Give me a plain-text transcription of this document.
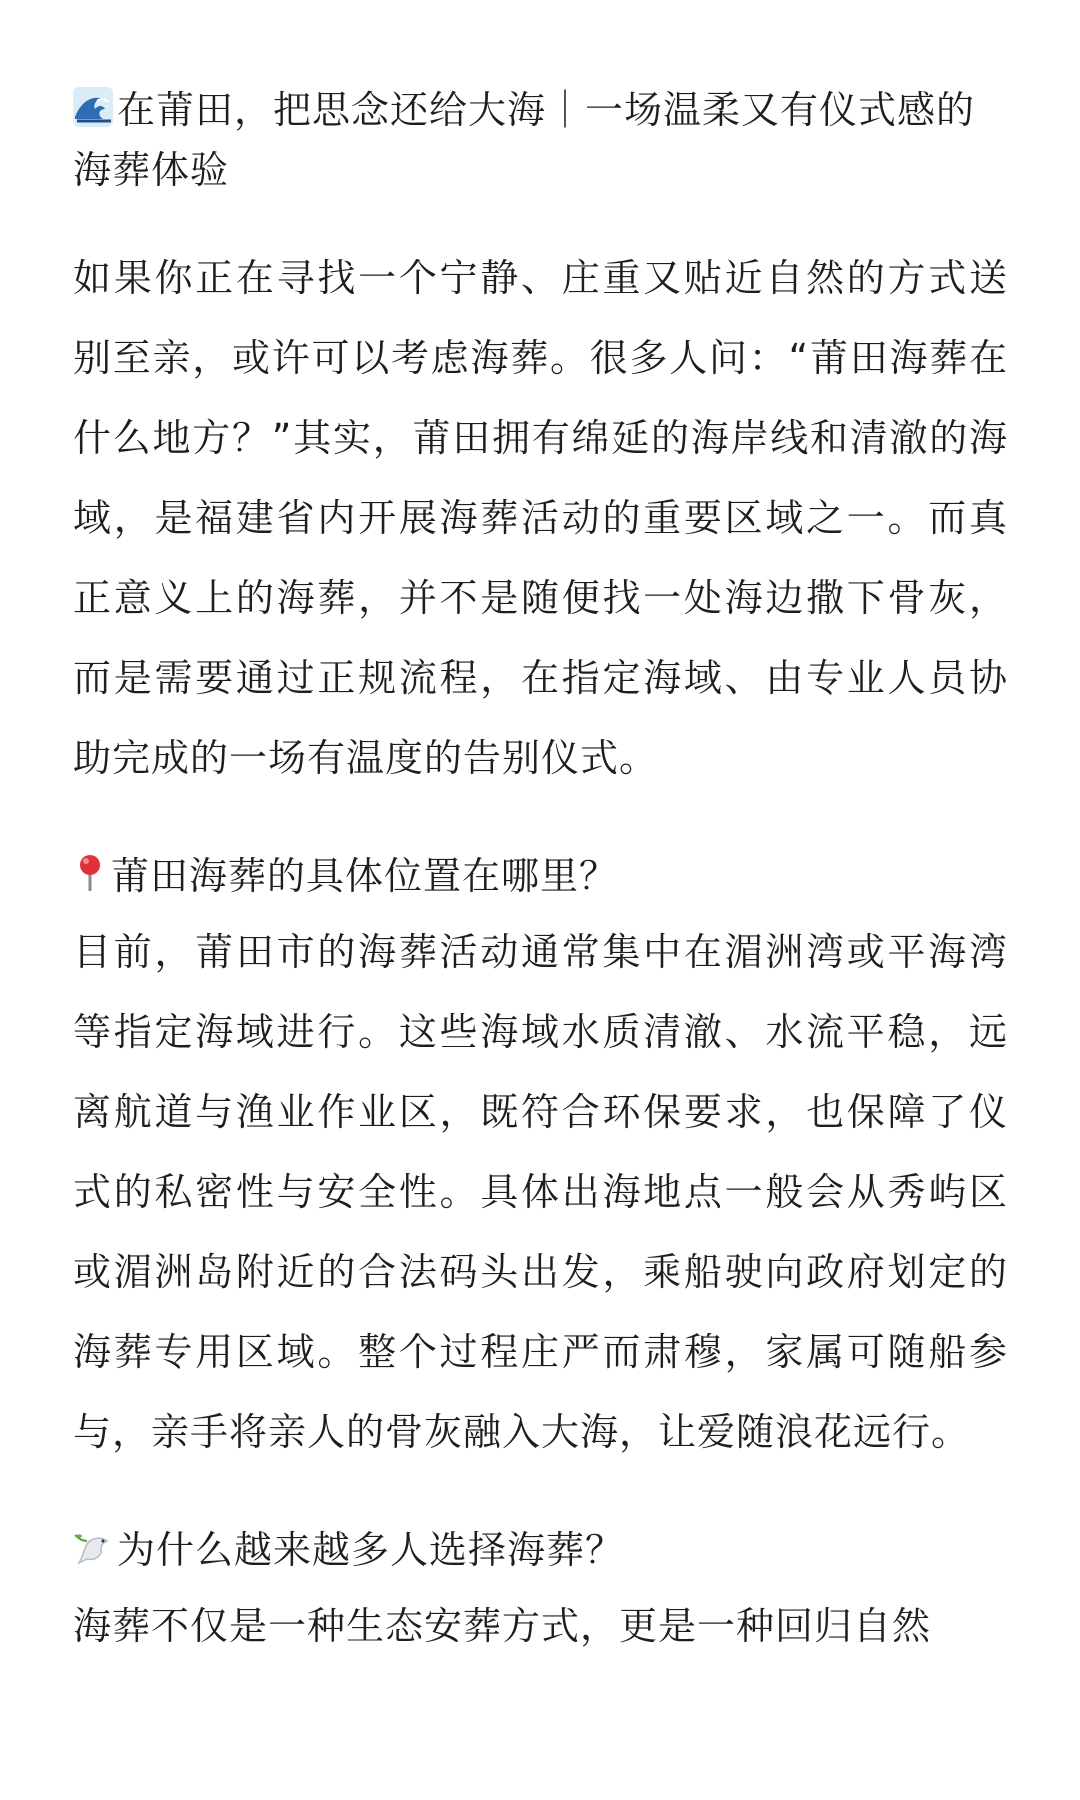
在莆田，把思念还给大海｜一场温柔又有仪式感的海葬体验

如果你正在寻找一个宁静、庄重又贴近自然的方式送别至亲，或许可以考虑海葬。很多人问：“莆田海葬在什么地方？”其实，莆田拥有绵延的海岸线和清澈的海域，是福建省内开展海葬活动的重要区域之一。而真正意义上的海葬，并不是随便找一处海边撒下骨灰，而是需要通过正规流程，在指定海域、由专业人员协助完成的一场有温度的告别仪式。

莆田海葬的具体位置在哪里？

目前，莆田市的海葬活动通常集中在湄洲湾或平海湾等指定海域进行。这些海域水质清澈、水流平稳，远离航道与渔业作业区，既符合环保要求，也保障了仪式的私密性与安全性。具体出海地点一般会从秀屿区或湄洲岛附近的合法码头出发，乘船驶向政府划定的海葬专用区域。整个过程庄严而肃穆，家属可随船参与，亲手将亲人的骨灰融入大海，让爱随浪花远行。

为什么越来越多人选择海葬？

海葬不仅是一种生态安葬方式，更是一种回归自然
